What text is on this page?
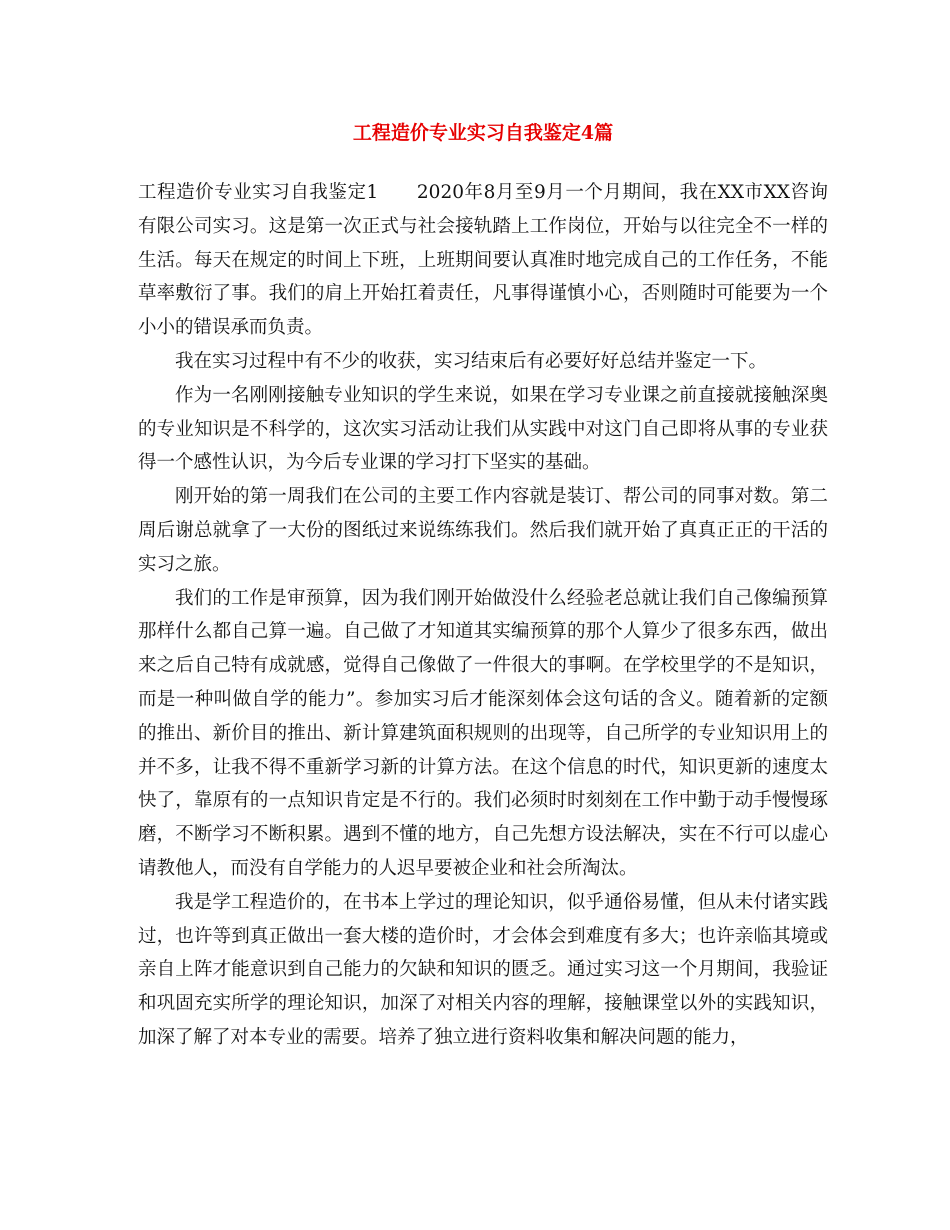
工程造价专业实习自我鉴定4篇

工程造价专业实习自我鉴定1　　2020年8月至9月一个月期间，我在XX市XX咨询有限公司实习。这是第一次正式与社会接轨踏上工作岗位，开始与以往完全不一样的生活。每天在规定的时间上下班，上班期间要认真准时地完成自己的工作任务，不能草率敷衍了事。我们的肩上开始扛着责任，凡事得谨慎小心，否则随时可能要为一个小小的错误承而负责。

我在实习过程中有不少的收获，实习结束后有必要好好总结并鉴定一下。

作为一名刚刚接触专业知识的学生来说，如果在学习专业课之前直接就接触深奥的专业知识是不科学的，这次实习活动让我们从实践中对这门自己即将从事的专业获得一个感性认识，为今后专业课的学习打下坚实的基础。

刚开始的第一周我们在公司的主要工作内容就是装订、帮公司的同事对数。第二周后谢总就拿了一大份的图纸过来说练练我们。然后我们就开始了真真正正的干活的实习之旅。

我们的工作是审预算，因为我们刚开始做没什么经验老总就让我们自己像编预算那样什么都自己算一遍。自己做了才知道其实编预算的那个人算少了很多东西，做出来之后自己特有成就感，觉得自己像做了一件很大的事啊。在学校里学的不是知识，而是一种叫做自学的能力”。参加实习后才能深刻体会这句话的含义。随着新的定额的推出、新价目的推出、新计算建筑面积规则的出现等，自己所学的专业知识用上的并不多，让我不得不重新学习新的计算方法。在这个信息的时代，知识更新的速度太快了，靠原有的一点知识肯定是不行的。我们必须时时刻刻在工作中勤于动手慢慢琢磨，不断学习不断积累。遇到不懂的地方，自己先想方设法解决，实在不行可以虚心请教他人，而没有自学能力的人迟早要被企业和社会所淘汰。

我是学工程造价的，在书本上学过的理论知识，似乎通俗易懂，但从未付诸实践过，也许等到真正做出一套大楼的造价时，才会体会到难度有多大；也许亲临其境或亲自上阵才能意识到自己能力的欠缺和知识的匮乏。通过实习这一个月期间，我验证和巩固充实所学的理论知识，加深了对相关内容的理解，接触课堂以外的实践知识，加深了解了对本专业的需要。培养了独立进行资料收集和解决问题的能力，
